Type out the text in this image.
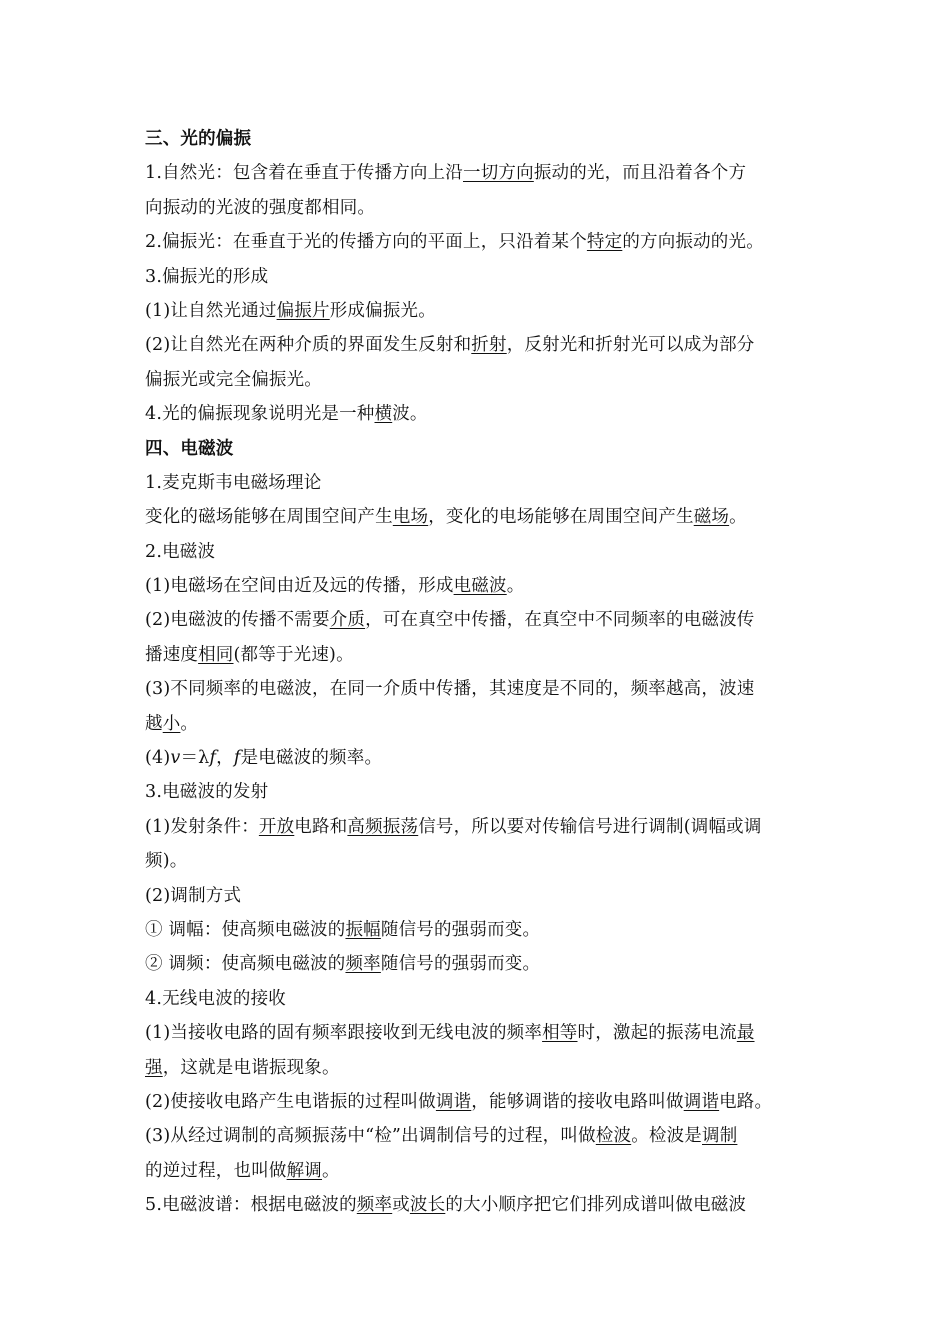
三、光的偏振
1.自然光：包含着在垂直于传播方向上沿一切方向振动的光，而且沿着各个方
向振动的光波的强度都相同。
2.偏振光：在垂直于光的传播方向的平面上，只沿着某个特定的方向振动的光。
3.偏振光的形成
(1)让自然光通过偏振片形成偏振光。
(2)让自然光在两种介质的界面发生反射和折射，反射光和折射光可以成为部分
偏振光或完全偏振光。
4.光的偏振现象说明光是一种横波。
四、电磁波
1.麦克斯韦电磁场理论
变化的磁场能够在周围空间产生电场，变化的电场能够在周围空间产生磁场。
2.电磁波
(1)电磁场在空间由近及远的传播，形成电磁波。
(2)电磁波的传播不需要介质，可在真空中传播，在真空中不同频率的电磁波传
播速度相同(都等于光速)。
(3)不同频率的电磁波，在同一介质中传播，其速度是不同的，频率越高，波速
越小。
(4)v＝λf，f是电磁波的频率。
3.电磁波的发射
(1)发射条件：开放电路和高频振荡信号，所以要对传输信号进行调制(调幅或调
频)。
(2)调制方式
① 调幅：使高频电磁波的振幅随信号的强弱而变。
② 调频：使高频电磁波的频率随信号的强弱而变。
4.无线电波的接收
(1)当接收电路的固有频率跟接收到无线电波的频率相等时，激起的振荡电流最
强，这就是电谐振现象。
(2)使接收电路产生电谐振的过程叫做调谐，能够调谐的接收电路叫做调谐电路。
(3)从经过调制的高频振荡中“检”出调制信号的过程，叫做检波。检波是调制
的逆过程，也叫做解调。
5.电磁波谱：根据电磁波的频率或波长的大小顺序把它们排列成谱叫做电磁波
